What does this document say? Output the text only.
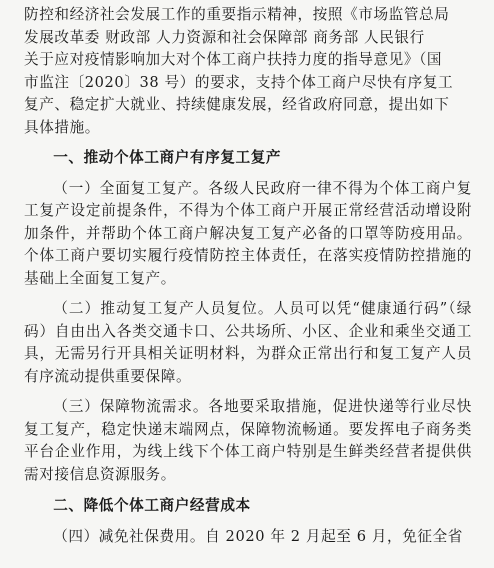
防控和经济社会发展工作的重要指示精神，按照《市场监管总局

发展改革委 财政部 人力资源和社会保障部 商务部 人民银行

关于应对疫情影响加大对个体工商户扶持力度的指导意见》（国

市监注〔2020〕38 号）的要求，支持个体工商户尽快有序复工

复产、稳定扩大就业、持续健康发展，经省政府同意，提出如下

具体措施。

一、推动个体工商户有序复工复产

（一）全面复工复产。各级人民政府一律不得为个体工商户复工复产设定前提条件，不得为个体工商户开展正常经营活动增设附加条件，并帮助个体工商户解决复工复产必备的口罩等防疫用品。个体工商户要切实履行疫情防控主体责任，在落实疫情防控措施的基础上全面复工复产。

（二）推动复工复产人员复位。人员可以凭“健康通行码”（绿码）自由出入各类交通卡口、公共场所、小区、企业和乘坐交通工具，无需另行开具相关证明材料，为群众正常出行和复工复产人员有序流动提供重要保障。

（三）保障物流需求。各地要采取措施，促进快递等行业尽快复工复产，稳定快递末端网点，保障物流畅通。要发挥电子商务类平台企业作用，为线上线下个体工商户特别是生鲜类经营者提供供需对接信息资源服务。

二、降低个体工商户经营成本

（四）减免社保费用。自 2020 年 2 月起至 6 月，免征全省
